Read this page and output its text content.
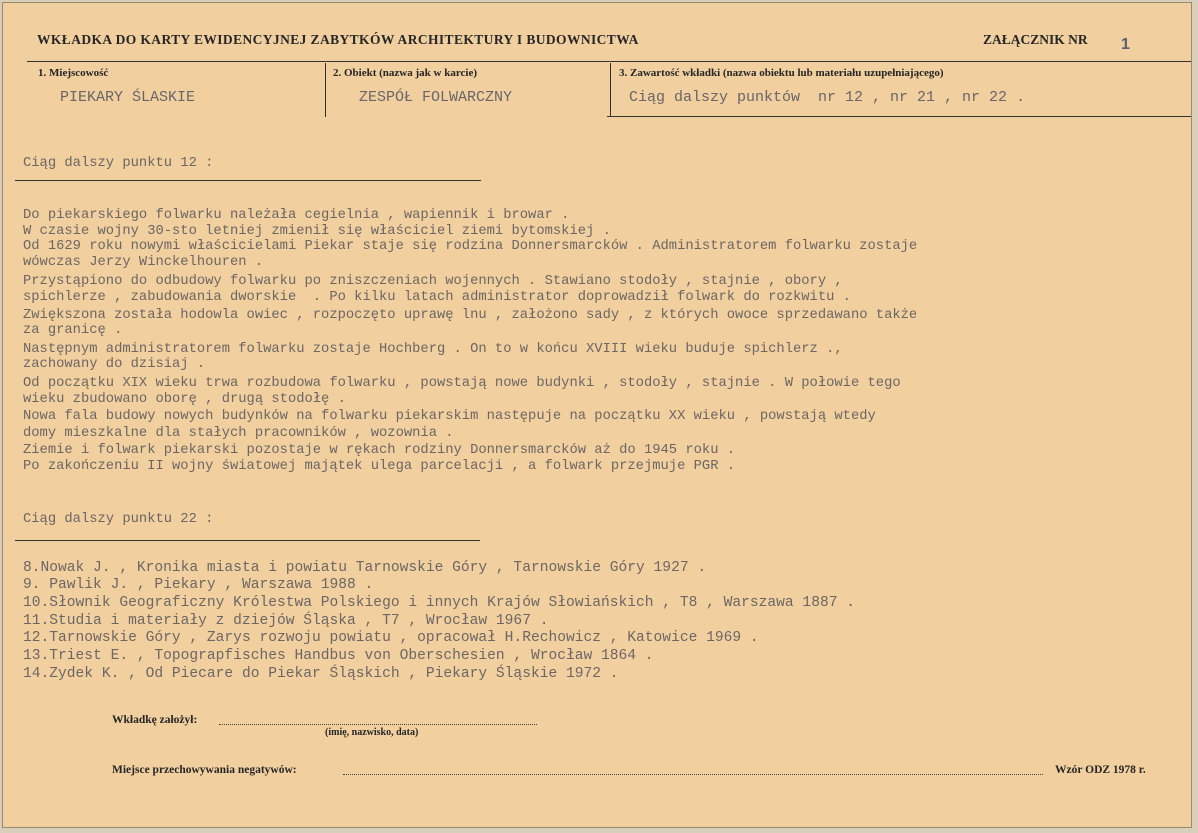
WKŁADKA DO KARTY EWIDENCYJNEJ ZABYTKÓW ARCHITEKTURY I BUDOWNICTWA	ZAŁĄCZNIK NR 1
1. Miejscowość
PIEKARY ŚLASKIE
2. Obiekt (nazwa jak w karcie)
ZESPÓŁ FOLWARCZNY
3. Zawartość wkładki (nazwa obiektu lub materiału uzupełniającego)
Ciąg dalszy punktów  nr 12 , nr 21 , nr 22 .
Ciąg dalszy punktu 12 :
Do piekarskiego folwarku należała cegielnia , wapiennik i browar .
W czasie wojny 30-sto letniej zmienił się właściciel ziemi bytomskiej .
Od 1629 roku nowymi właścicielami Piekar staje się rodzina Donnersmarcków . Administratorem folwarku zostaje
wówczas Jerzy Winckelhouren .
Przystąpiono do odbudowy folwarku po zniszczeniach wojennych . Stawiano stodoły , stajnie , obory ,
spichlerze , zabudowania dworskie  . Po kilku latach administrator doprowadził folwark do rozkwitu .
Zwiększona została hodowla owiec , rozpoczęto uprawę lnu , założono sady , z których owoce sprzedawano także
za granicę .
Następnym administratorem folwarku zostaje Hochberg . On to w końcu XVIII wieku buduje spichlerz .,
zachowany do dzisiaj .
Od początku XIX wieku trwa rozbudowa folwarku , powstają nowe budynki , stodoły , stajnie . W połowie tego
wieku zbudowano oborę , drugą stodołę .
Nowa fala budowy nowych budynków na folwarku piekarskim następuje na początku XX wieku , powstają wtedy
domy mieszkalne dla stałych pracowników , wozownia .
Ziemie i folwark piekarski pozostaje w rękach rodziny Donnersmarcków aż do 1945 roku .
Po zakończeniu II wojny światowej majątek ulega parcelacji , a folwark przejmuje PGR .
Ciąg dalszy punktu 22 :
8.Nowak J. , Kronika miasta i powiatu Tarnowskie Góry , Tarnowskie Góry 1927 .
9. Pawlik J. , Piekary , Warszawa 1988 .
10.Słownik Geograficzny Królestwa Polskiego i innych Krajów Słowiańskich , T8 , Warszawa 1887 .
11.Studia i materiały z dziejów Śląska , T7 , Wrocław 1967 .
12.Tarnowskie Góry , Zarys rozwoju powiatu , opracował H.Rechowicz , Katowice 1969 .
13.Triest E. , Topograpfisches Handbus von Oberschesien , Wrocław 1864 .
14.Zydek K. , Od Piecare do Piekar Śląskich , Piekary Śląskie 1972 .
Wkładkę założył:
(imię, nazwisko, data)
Miejsce przechowywania negatywów:	Wzór ODZ 1978 r.
